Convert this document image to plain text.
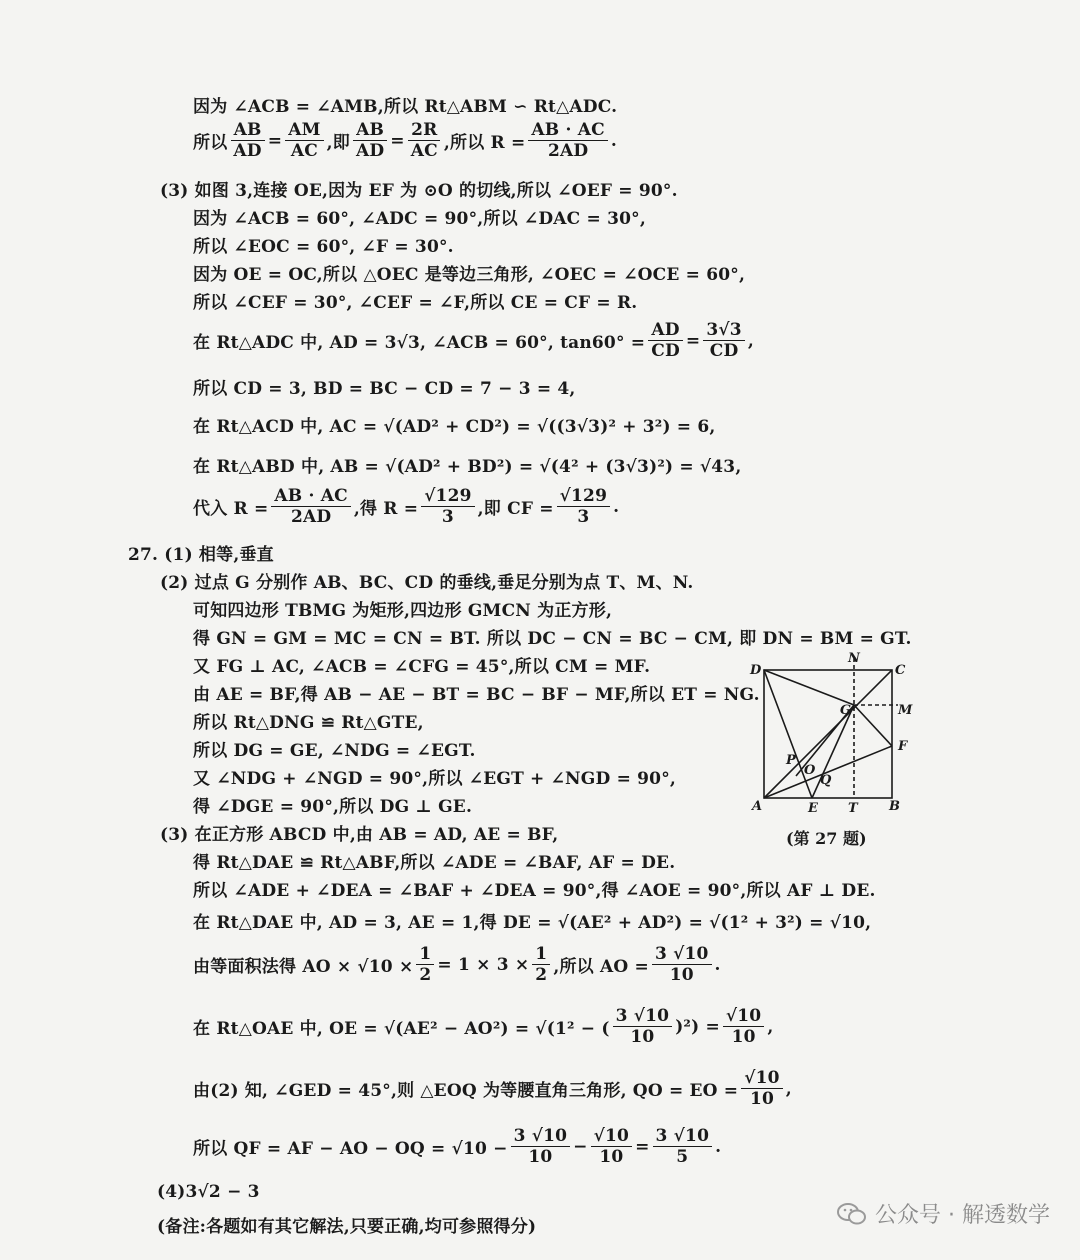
因为 ∠ACB = ∠AMB,所以 Rt△ABM ∽ Rt△ADC.
所以 $\frac{AB}{AD} = \frac{AM}{AC}$ ,即 $\frac{AB}{AD} = \frac{2R}{AC}$ ,所以 $R = \frac{AB \cdot AC}{2AD}$ .
(3) 如图 3,连接 OE,因为 EF 为 ⊙O 的切线,所以 ∠OEF = 90°.
因为 ∠ACB = 60°, ∠ADC = 90°,所以 ∠DAC = 30°,
所以 ∠EOC = 60°, ∠F = 30°.
因为 OE = OC,所以 △OEC 是等边三角形, ∠OEC = ∠OCE = 60°,
所以 ∠CEF = 30°, ∠CEF = ∠F,所以 CE = CF = R.
在 Rt△ADC 中, AD = 3√3, ∠ACB = 60°, $\tan 60^\circ = \frac{AD}{CD} = \frac{3√3}{CD}$ ,
所以 CD = 3, BD = BC − CD = 7 − 3 = 4,
在 Rt△ACD 中, AC = √(AD² + CD²) = √((3√3)² + 3²) = 6,
在 Rt△ABD 中, AB = √(AD² + BD²) = √(4² + (3√3)²) = √43,
代入 $R = \frac{AB \cdot AC}{2AD}$ ,得 $R = \frac{√129}{3}$ ,即 CF = $\frac{√129}{3}$ .
27. (1) 相等,垂直
(2) 过点 G 分别作 AB、BC、CD 的垂线,垂足分别为点 T、M、N.
可知四边形 TBMG 为矩形,四边形 GMCN 为正方形,
得 GN = GM = MC = CN = BT. 所以 DC − CN = BC − CM, 即 DN = BM = GT.
又 FG ⊥ AC, ∠ACB = ∠CFG = 45°,所以 CM = MF.
由 AE = BF,得 AB − AE − BT = BC − BF − MF,所以 ET = NG.
所以 Rt△DNG ≌ Rt△GTE,
所以 DG = GE, ∠NDG = ∠EGT.
又 ∠NDG + ∠NGD = 90°,所以 ∠EGT + ∠NGD = 90°,
得 ∠DGE = 90°,所以 DG ⊥ GE.
(3) 在正方形 ABCD 中,由 AB = AD, AE = BF,
得 Rt△DAE ≌ Rt△ABF,所以 ∠ADE = ∠BAF, AF = DE.
所以 ∠ADE + ∠DEA = ∠BAF + ∠DEA = 90°,得 ∠AOE = 90°,所以 AF ⊥ DE.
在 Rt△DAE 中, AD = 3, AE = 1,得 DE = √(AE² + AD²) = √(1² + 3²) = √10,
由等面积法得 AO × $√10 \times \frac{1}{2} = 1 \times 3 \times \frac{1}{2}$ ,所以 AO = $\frac{3 √10}{10}$ .
在 Rt△OAE 中, OE = √(AE² − AO²) = √(1² − ( $\frac{3 √10}{10} )^2) = \frac{√10}{10}$ ,
由(2) 知, ∠GED = 45°,则 △EOQ 为等腰直角三角形, QO = EO = $\frac{√10}{10}$ ,
所以 QF = AF − AO − OQ = $√10 - \frac{3 √10}{10} - \frac{√10}{10} = \frac{3 √10}{5}$ .
(4)3√2 − 3
(备注:各题如有其它解法,只要正确,均可参照得分)
D
N
C
G	M
F
P
O
Q
A	E T B
(第 27 题)
公众号 · 解透数学
